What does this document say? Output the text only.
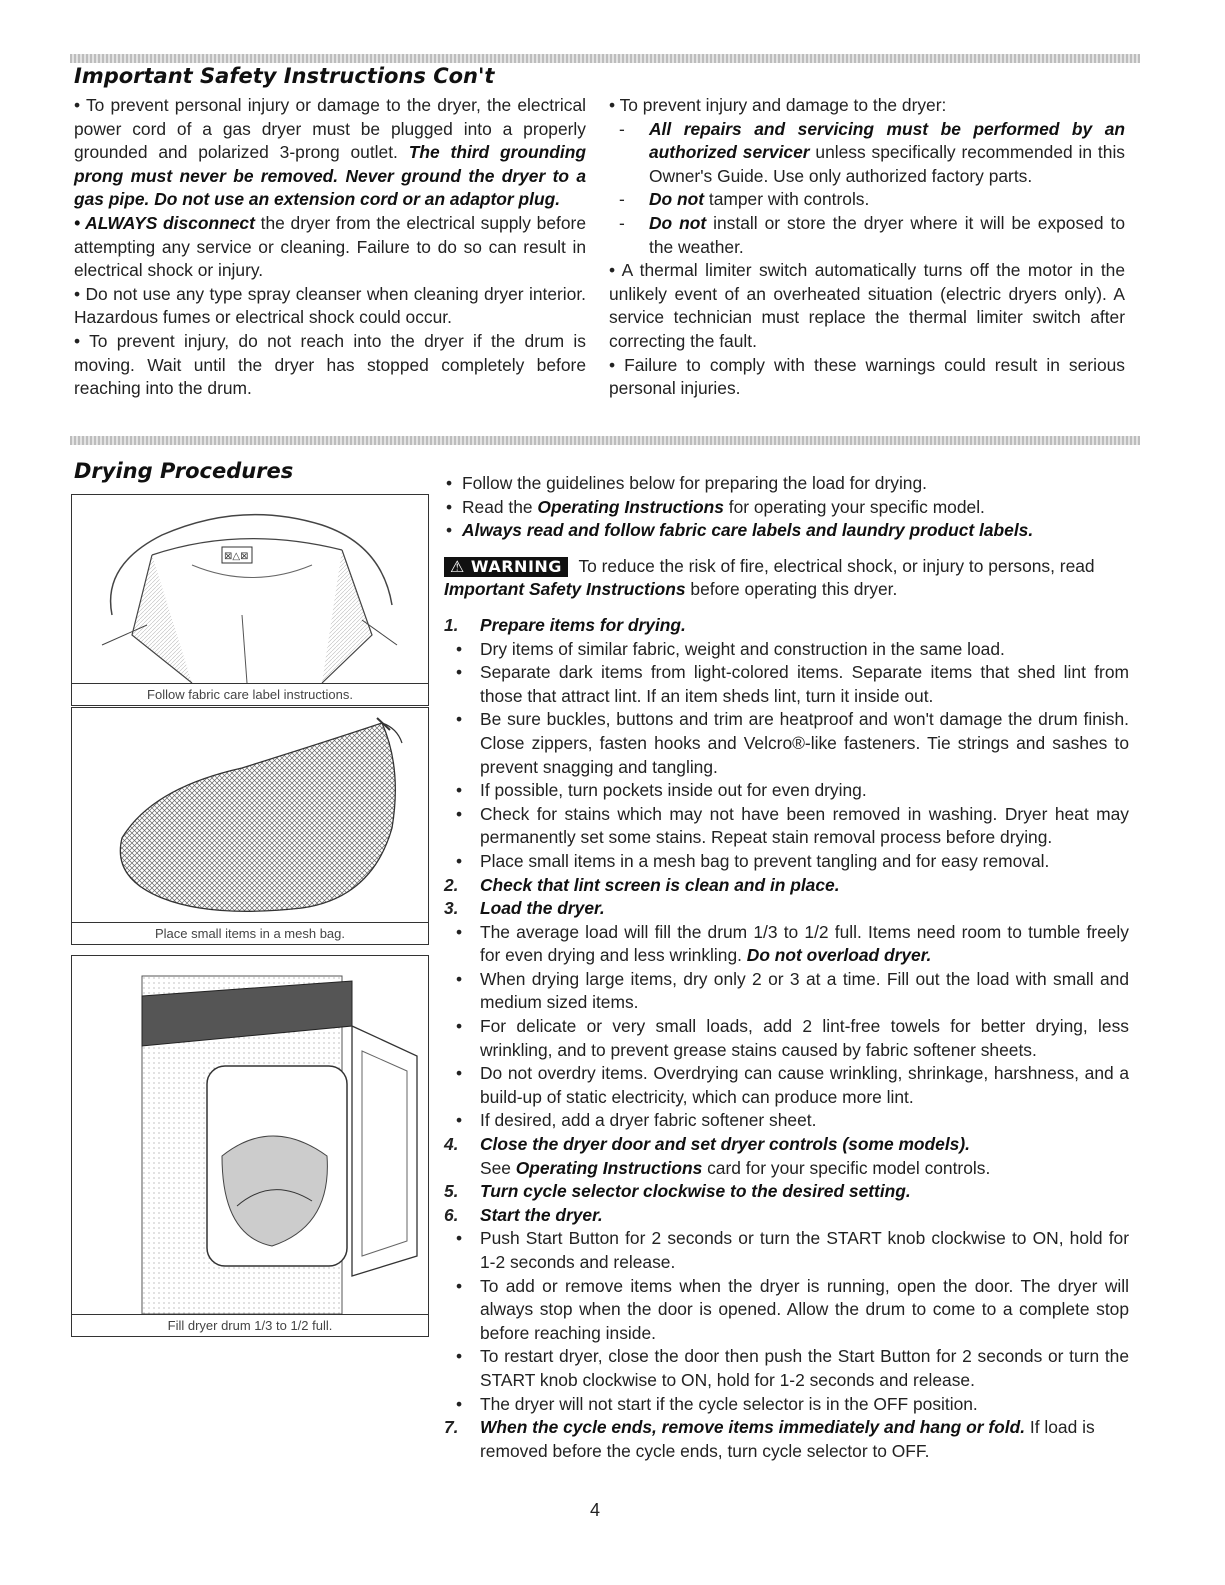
Important Safety Instructions Con't

• To prevent personal injury or damage to the dryer, the electrical power cord of a gas dryer must be plugged into a properly grounded and polarized 3-prong outlet. The third grounding prong must never be removed. Never ground the dryer to a gas pipe. Do not use an extension cord or an adaptor plug.

• ALWAYS disconnect the dryer from the electrical supply before attempting any service or cleaning. Failure to do so can result in electrical shock or injury.

• Do not use any type spray cleanser when cleaning dryer interior. Hazardous fumes or electrical shock could occur.

• To prevent injury, do not reach into the dryer if the drum is moving. Wait until the dryer has stopped completely before reaching into the drum.

• To prevent injury and damage to the dryer:

- All repairs and servicing must be performed by an authorized servicer unless specifically recommended in this Owner's Guide. Use only authorized factory parts.

- Do not tamper with controls.

- Do not install or store the dryer where it will be exposed to the weather.

• A thermal limiter switch automatically turns off the motor in the unlikely event of an overheated situation (electric dryers only). A service technician must replace the thermal limiter switch after correcting the fault.

• Failure to comply with these warnings could result in serious personal injuries.

Drying Procedures
⊠△⊠
Follow fabric care label instructions.
Place small items in a mesh bag.
Fill dryer drum 1/3 to 1/2 full.

• Follow the guidelines below for preparing the load for drying.

• Read the Operating Instructions for operating your specific model.

• Always read and follow fabric care labels and laundry product labels.

⚠ WARNING To reduce the risk of fire, electrical shock, or injury to persons, read Important Safety Instructions before operating this dryer.

1. Prepare items for drying.

• Dry items of similar fabric, weight and construction in the same load.

• Separate dark items from light-colored items. Separate items that shed lint from those that attract lint. If an item sheds lint, turn it inside out.

• Be sure buckles, buttons and trim are heatproof and won't damage the drum finish. Close zippers, fasten hooks and Velcro®-like fasteners. Tie strings and sashes to prevent snagging and tangling.

• If possible, turn pockets inside out for even drying.

• Check for stains which may not have been removed in washing. Dryer heat may permanently set some stains. Repeat stain removal process before drying.

• Place small items in a mesh bag to prevent tangling and for easy removal.

2. Check that lint screen is clean and in place.

3. Load the dryer.

• The average load will fill the drum 1/3 to 1/2 full. Items need room to tumble freely for even drying and less wrinkling. Do not overload dryer.

• When drying large items, dry only 2 or 3 at a time. Fill out the load with small and medium sized items.

• For delicate or very small loads, add 2 lint-free towels for better drying, less wrinkling, and to prevent grease stains caused by fabric softener sheets.

• Do not overdry items. Overdrying can cause wrinkling, shrinkage, harshness, and a build-up of static electricity, which can produce more lint.

• If desired, add a dryer fabric softener sheet.

4. Close the dryer door and set dryer controls (some models).

See Operating Instructions card for your specific model controls.

5. Turn cycle selector clockwise to the desired setting.

6. Start the dryer.

• Push Start Button for 2 seconds or turn the START knob clockwise to ON, hold for 1-2 seconds and release.

• To add or remove items when the dryer is running, open the door. The dryer will always stop when the door is opened. Allow the drum to come to a complete stop before reaching inside.

• To restart dryer, close the door then push the Start Button for 2 seconds or turn the START knob clockwise to ON, hold for 1-2 seconds and release.

• The dryer will not start if the cycle selector is in the OFF position.

7. When the cycle ends, remove items immediately and hang or fold. If load is removed before the cycle ends, turn cycle selector to OFF.

4
